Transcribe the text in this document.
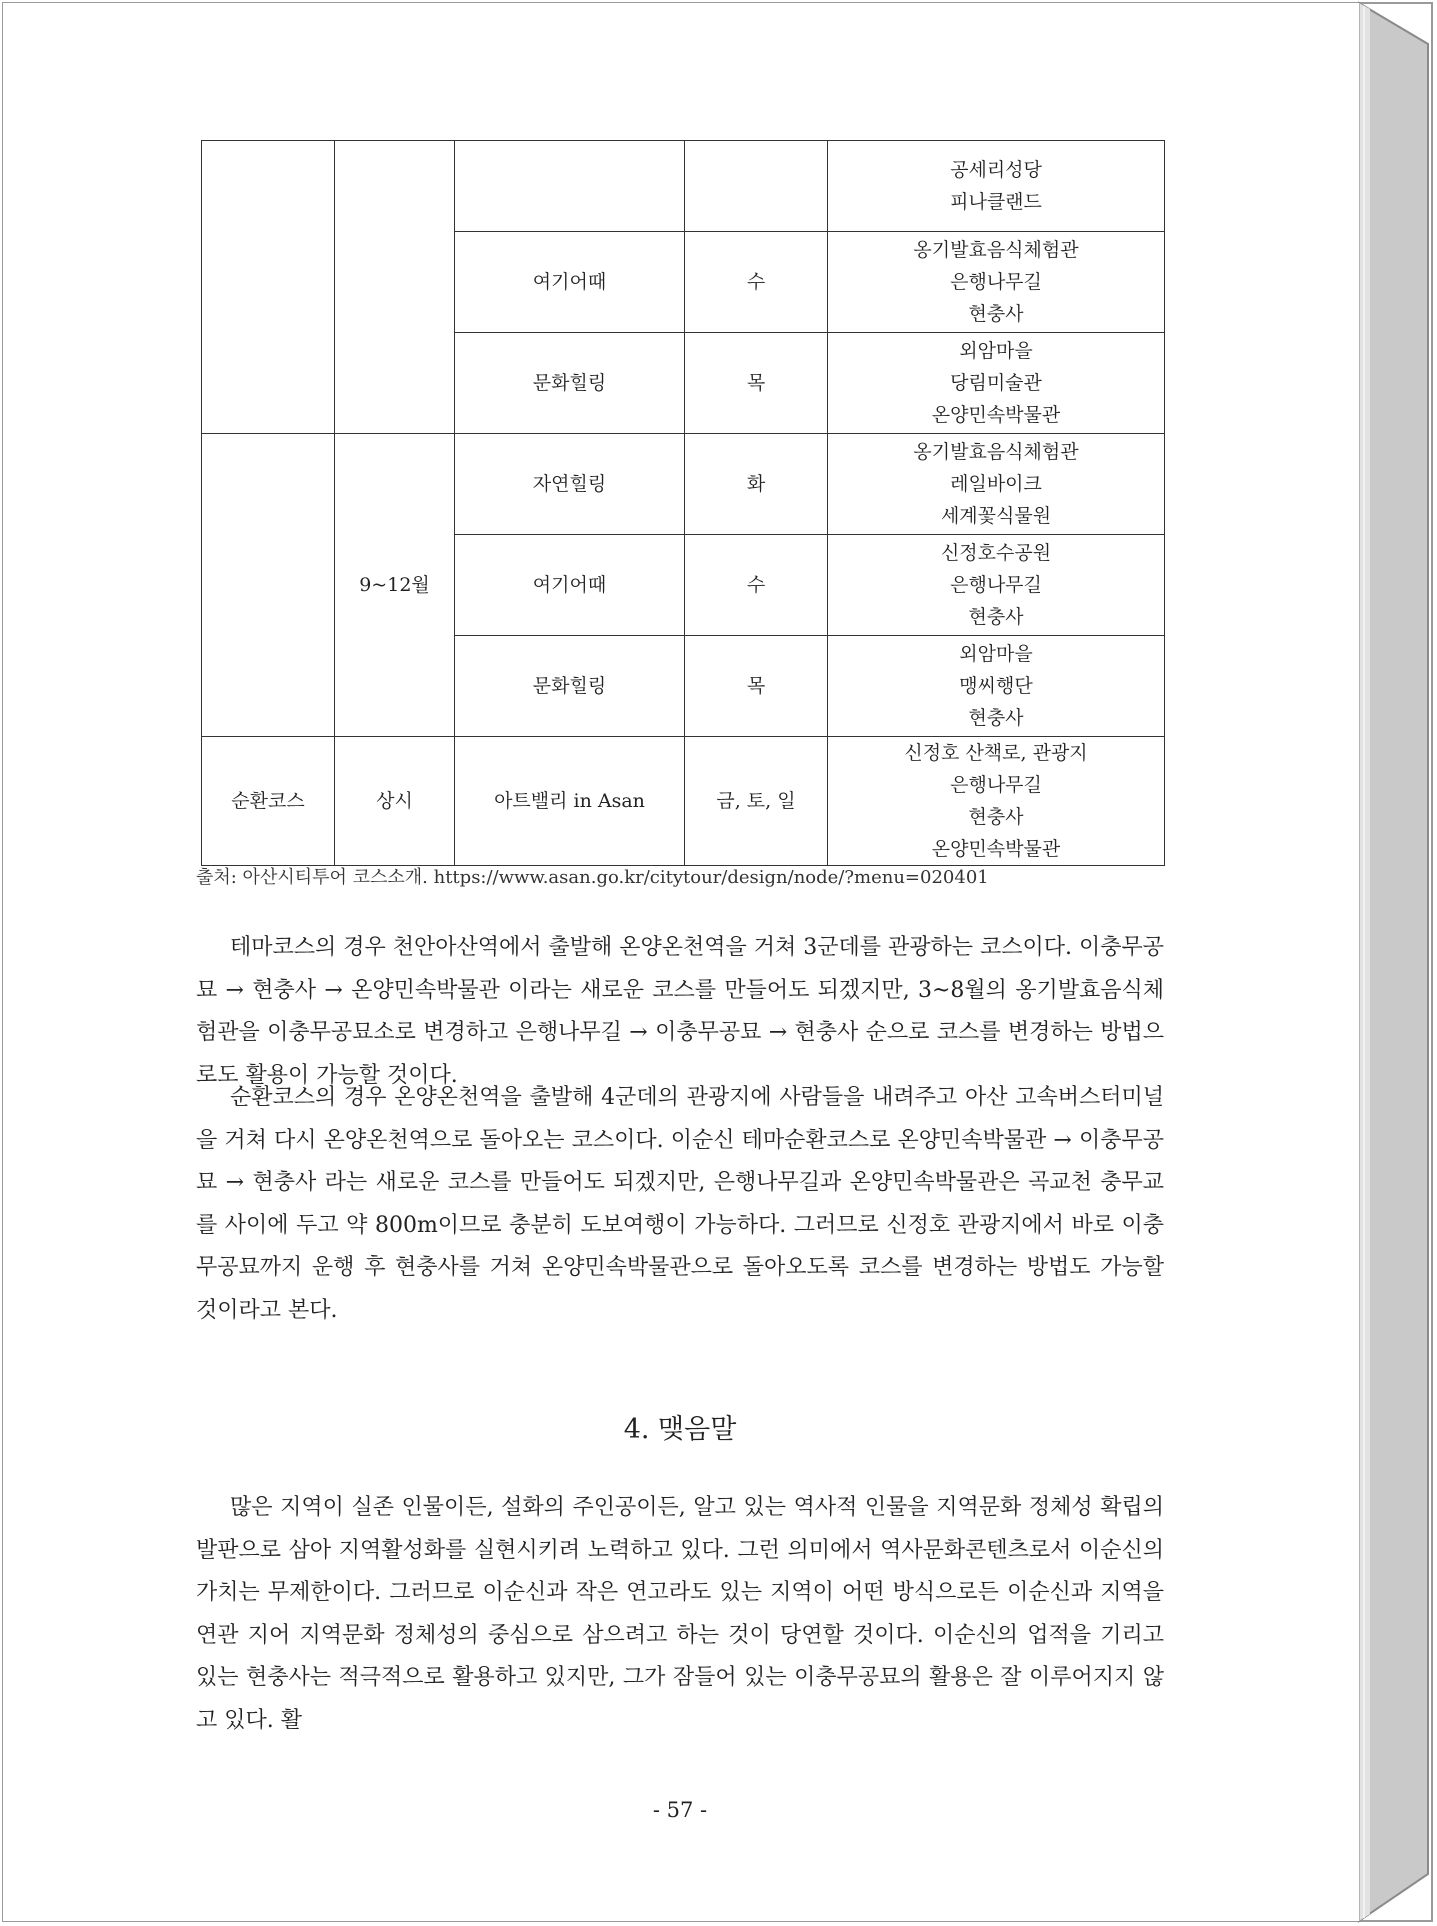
				공세리성당
피나클랜드

		여기어때	수	옹기발효음식체험관
은행나무길
현충사

		문화힐링	목	외암마을
당림미술관
온양민속박물관

	9~12월	자연힐링	화	옹기발효음식체험관
레일바이크
세계꽃식물원

		여기어때	수	신정호수공원
은행나무길
현충사

		문화힐링	목	외암마을
맹씨행단
현충사

순환코스	상시	아트밸리 in Asan	금, 토, 일	신정호 산책로, 관광지
은행나무길
현충사
온양민속박물관
출처: 아산시티투어 코스소개. https://www.asan.go.kr/citytour/design/node/?menu=020401

테마코스의 경우 천안아산역에서 출발해 온양온천역을 거쳐 3군데를 관광하는 코스이다. 이충무공묘 → 현충사 → 온양민속박물관 이라는 새로운 코스를 만들어도 되겠지만, 3~8월의 옹기발효음식체험관을 이충무공묘소로 변경하고 은행나무길 → 이충무공묘 → 현충사 순으로 코스를 변경하는 방법으로도 활용이 가능할 것이다.

순환코스의 경우 온양온천역을 출발해 4군데의 관광지에 사람들을 내려주고 아산 고속버스터미널을 거쳐 다시 온양온천역으로 돌아오는 코스이다. 이순신 테마순환코스로 온양민속박물관 → 이충무공묘 → 현충사 라는 새로운 코스를 만들어도 되겠지만, 은행나무길과 온양민속박물관은 곡교천 충무교를 사이에 두고 약 800m이므로 충분히 도보여행이 가능하다. 그러므로 신정호 관광지에서 바로 이충무공묘까지 운행 후 현충사를 거쳐 온양민속박물관으로 돌아오도록 코스를 변경하는 방법도 가능할 것이라고 본다.

4. 맺음말

많은 지역이 실존 인물이든, 설화의 주인공이든, 알고 있는 역사적 인물을 지역문화 정체성 확립의 발판으로 삼아 지역활성화를 실현시키려 노력하고 있다. 그런 의미에서 역사문화콘텐츠로서 이순신의 가치는 무제한이다. 그러므로 이순신과 작은 연고라도 있는 지역이 어떤 방식으로든 이순신과 지역을 연관 지어 지역문화 정체성의 중심으로 삼으려고 하는 것이 당연할 것이다. 이순신의 업적을 기리고 있는 현충사는 적극적으로 활용하고 있지만, 그가 잠들어 있는 이충무공묘의 활용은 잘 이루어지지 않고 있다. 활

- 57 -
